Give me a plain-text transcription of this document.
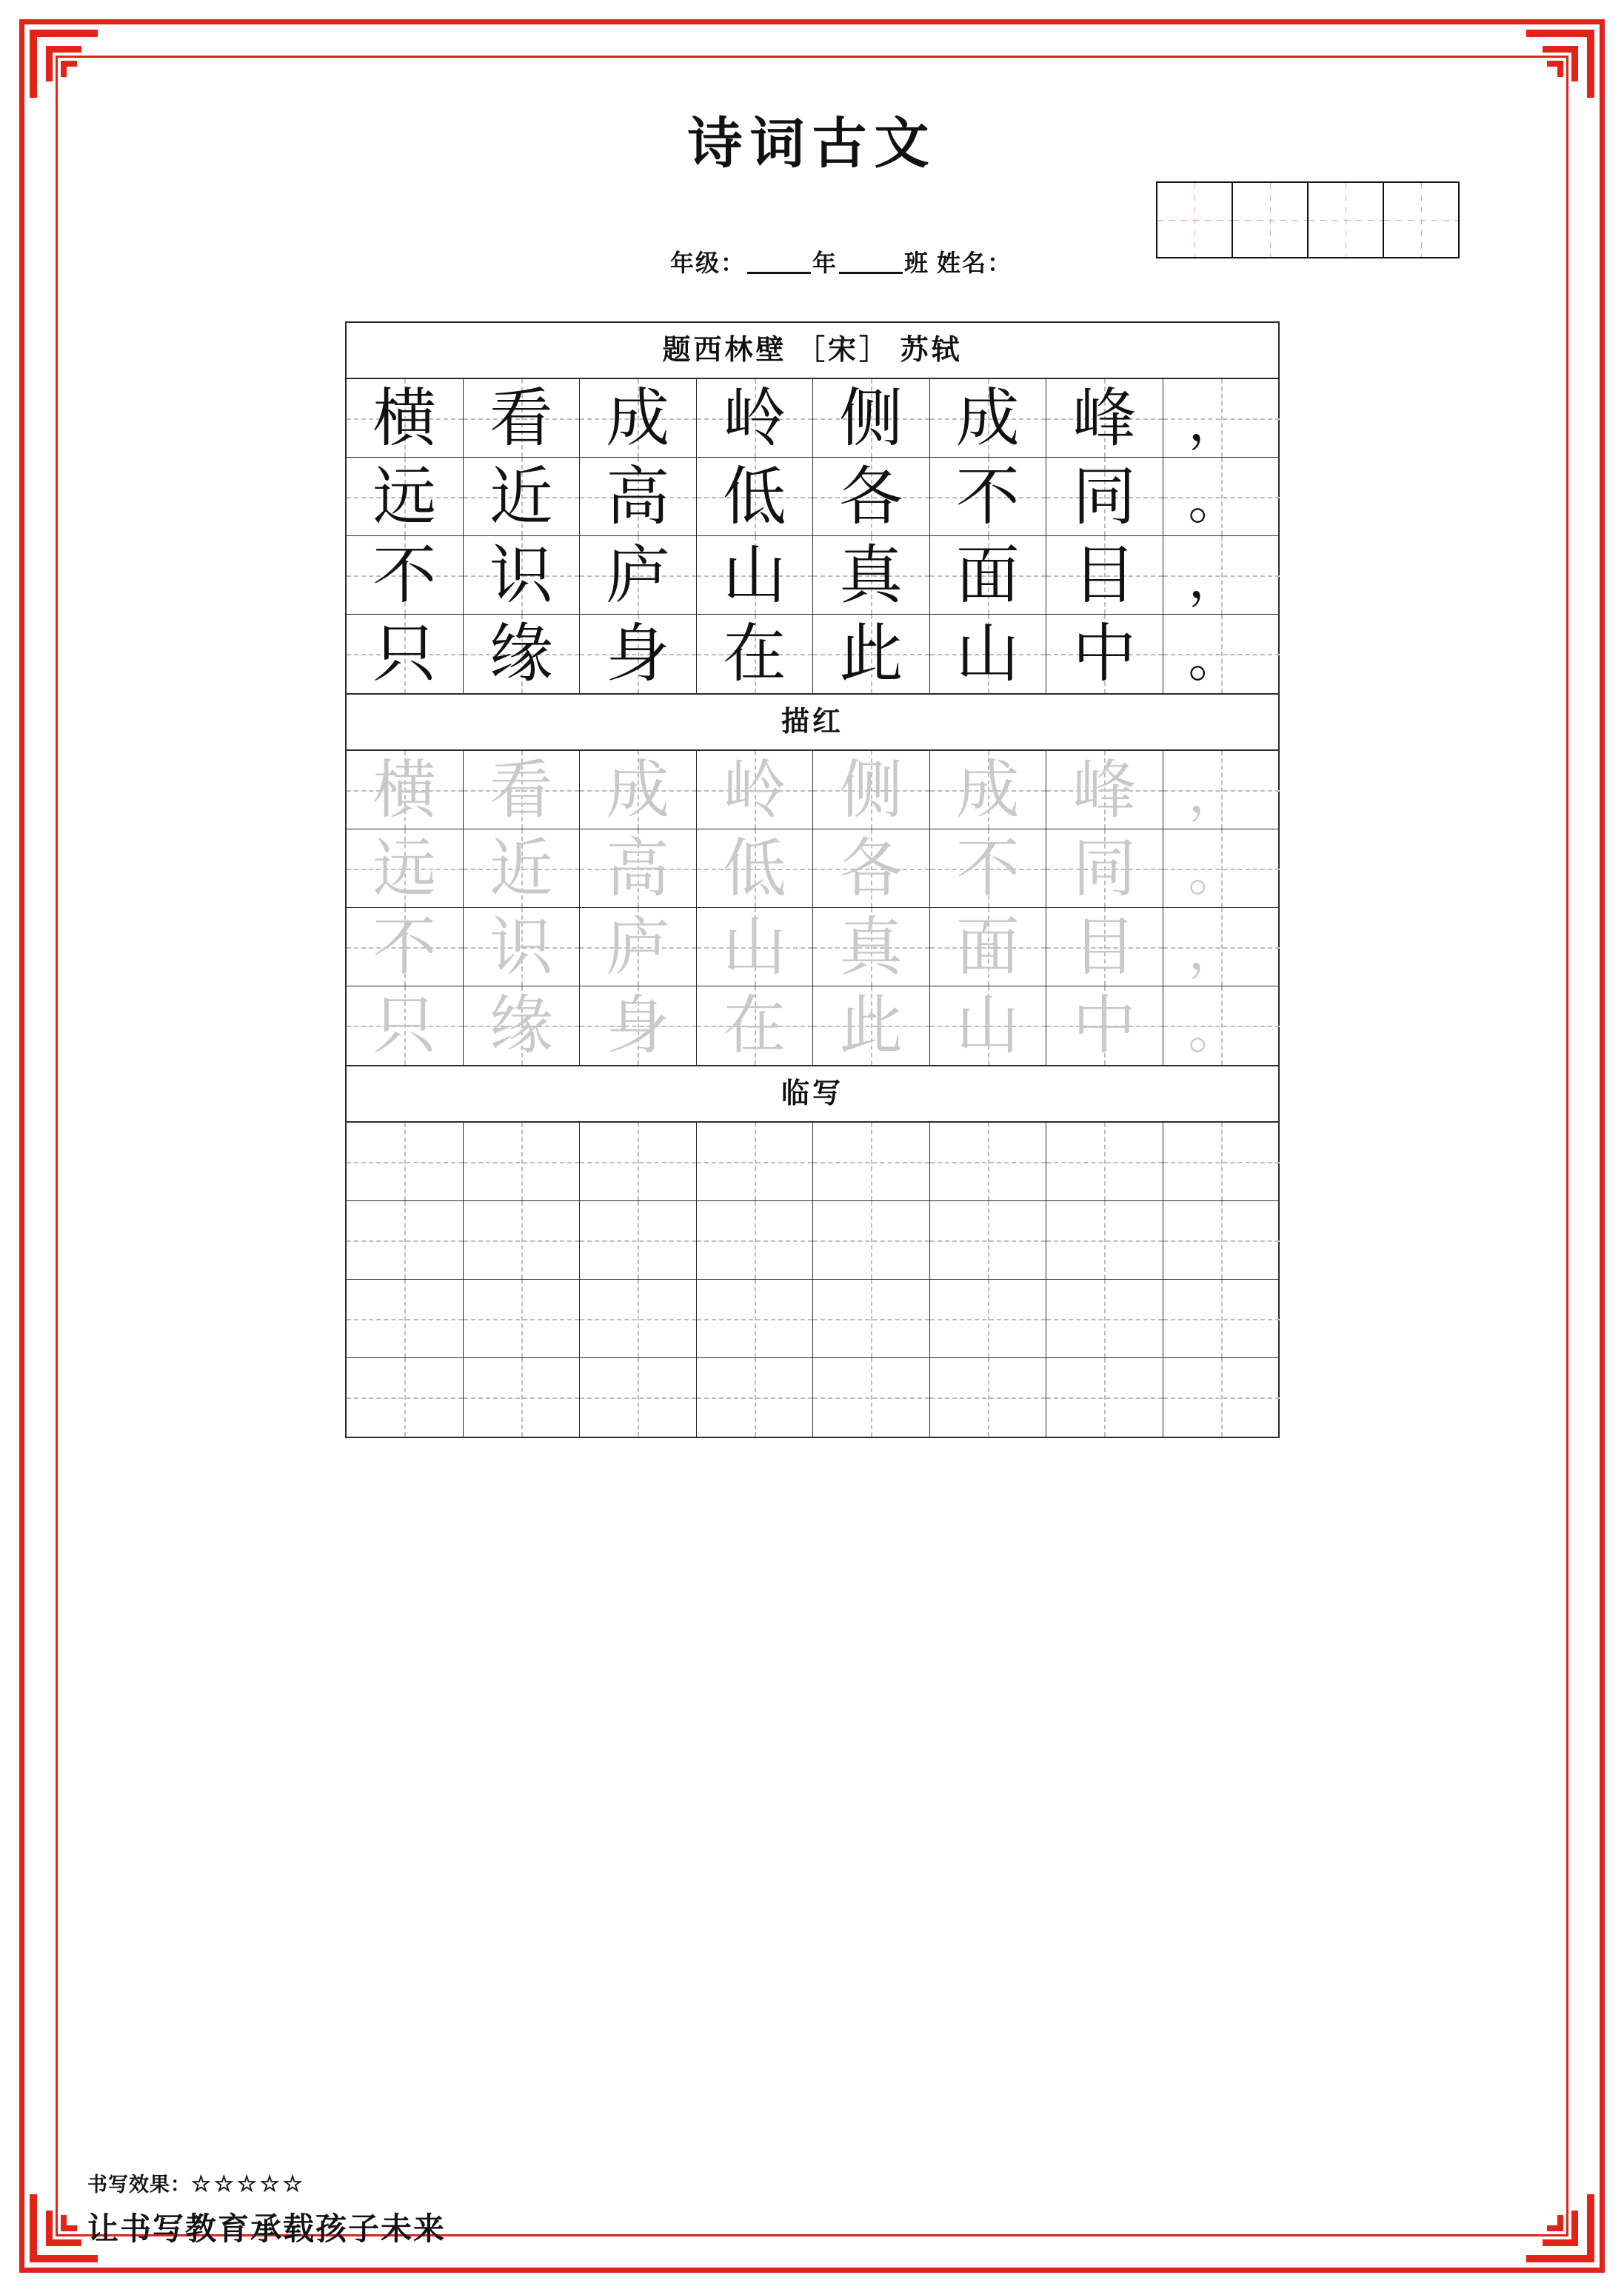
诗词古文
年级：	年	班 姓名：
题西林壁 ［宋］ 苏轼
横 看 成 岭 侧 成 峰	，
远 近 高 低 各 不 同	。
不 识 庐 山 真 面 目	，
只 缘 身 在 此 山 中	。
描红
横 看 成 岭 侧 成 峰	，
远 近 高 低 各 不 同	。
不 识 庐 山 真 面 目	，
只 缘 身 在 此 山 中	。
临写
书写效果：☆☆☆☆☆
让书写教育承载孩子未来
